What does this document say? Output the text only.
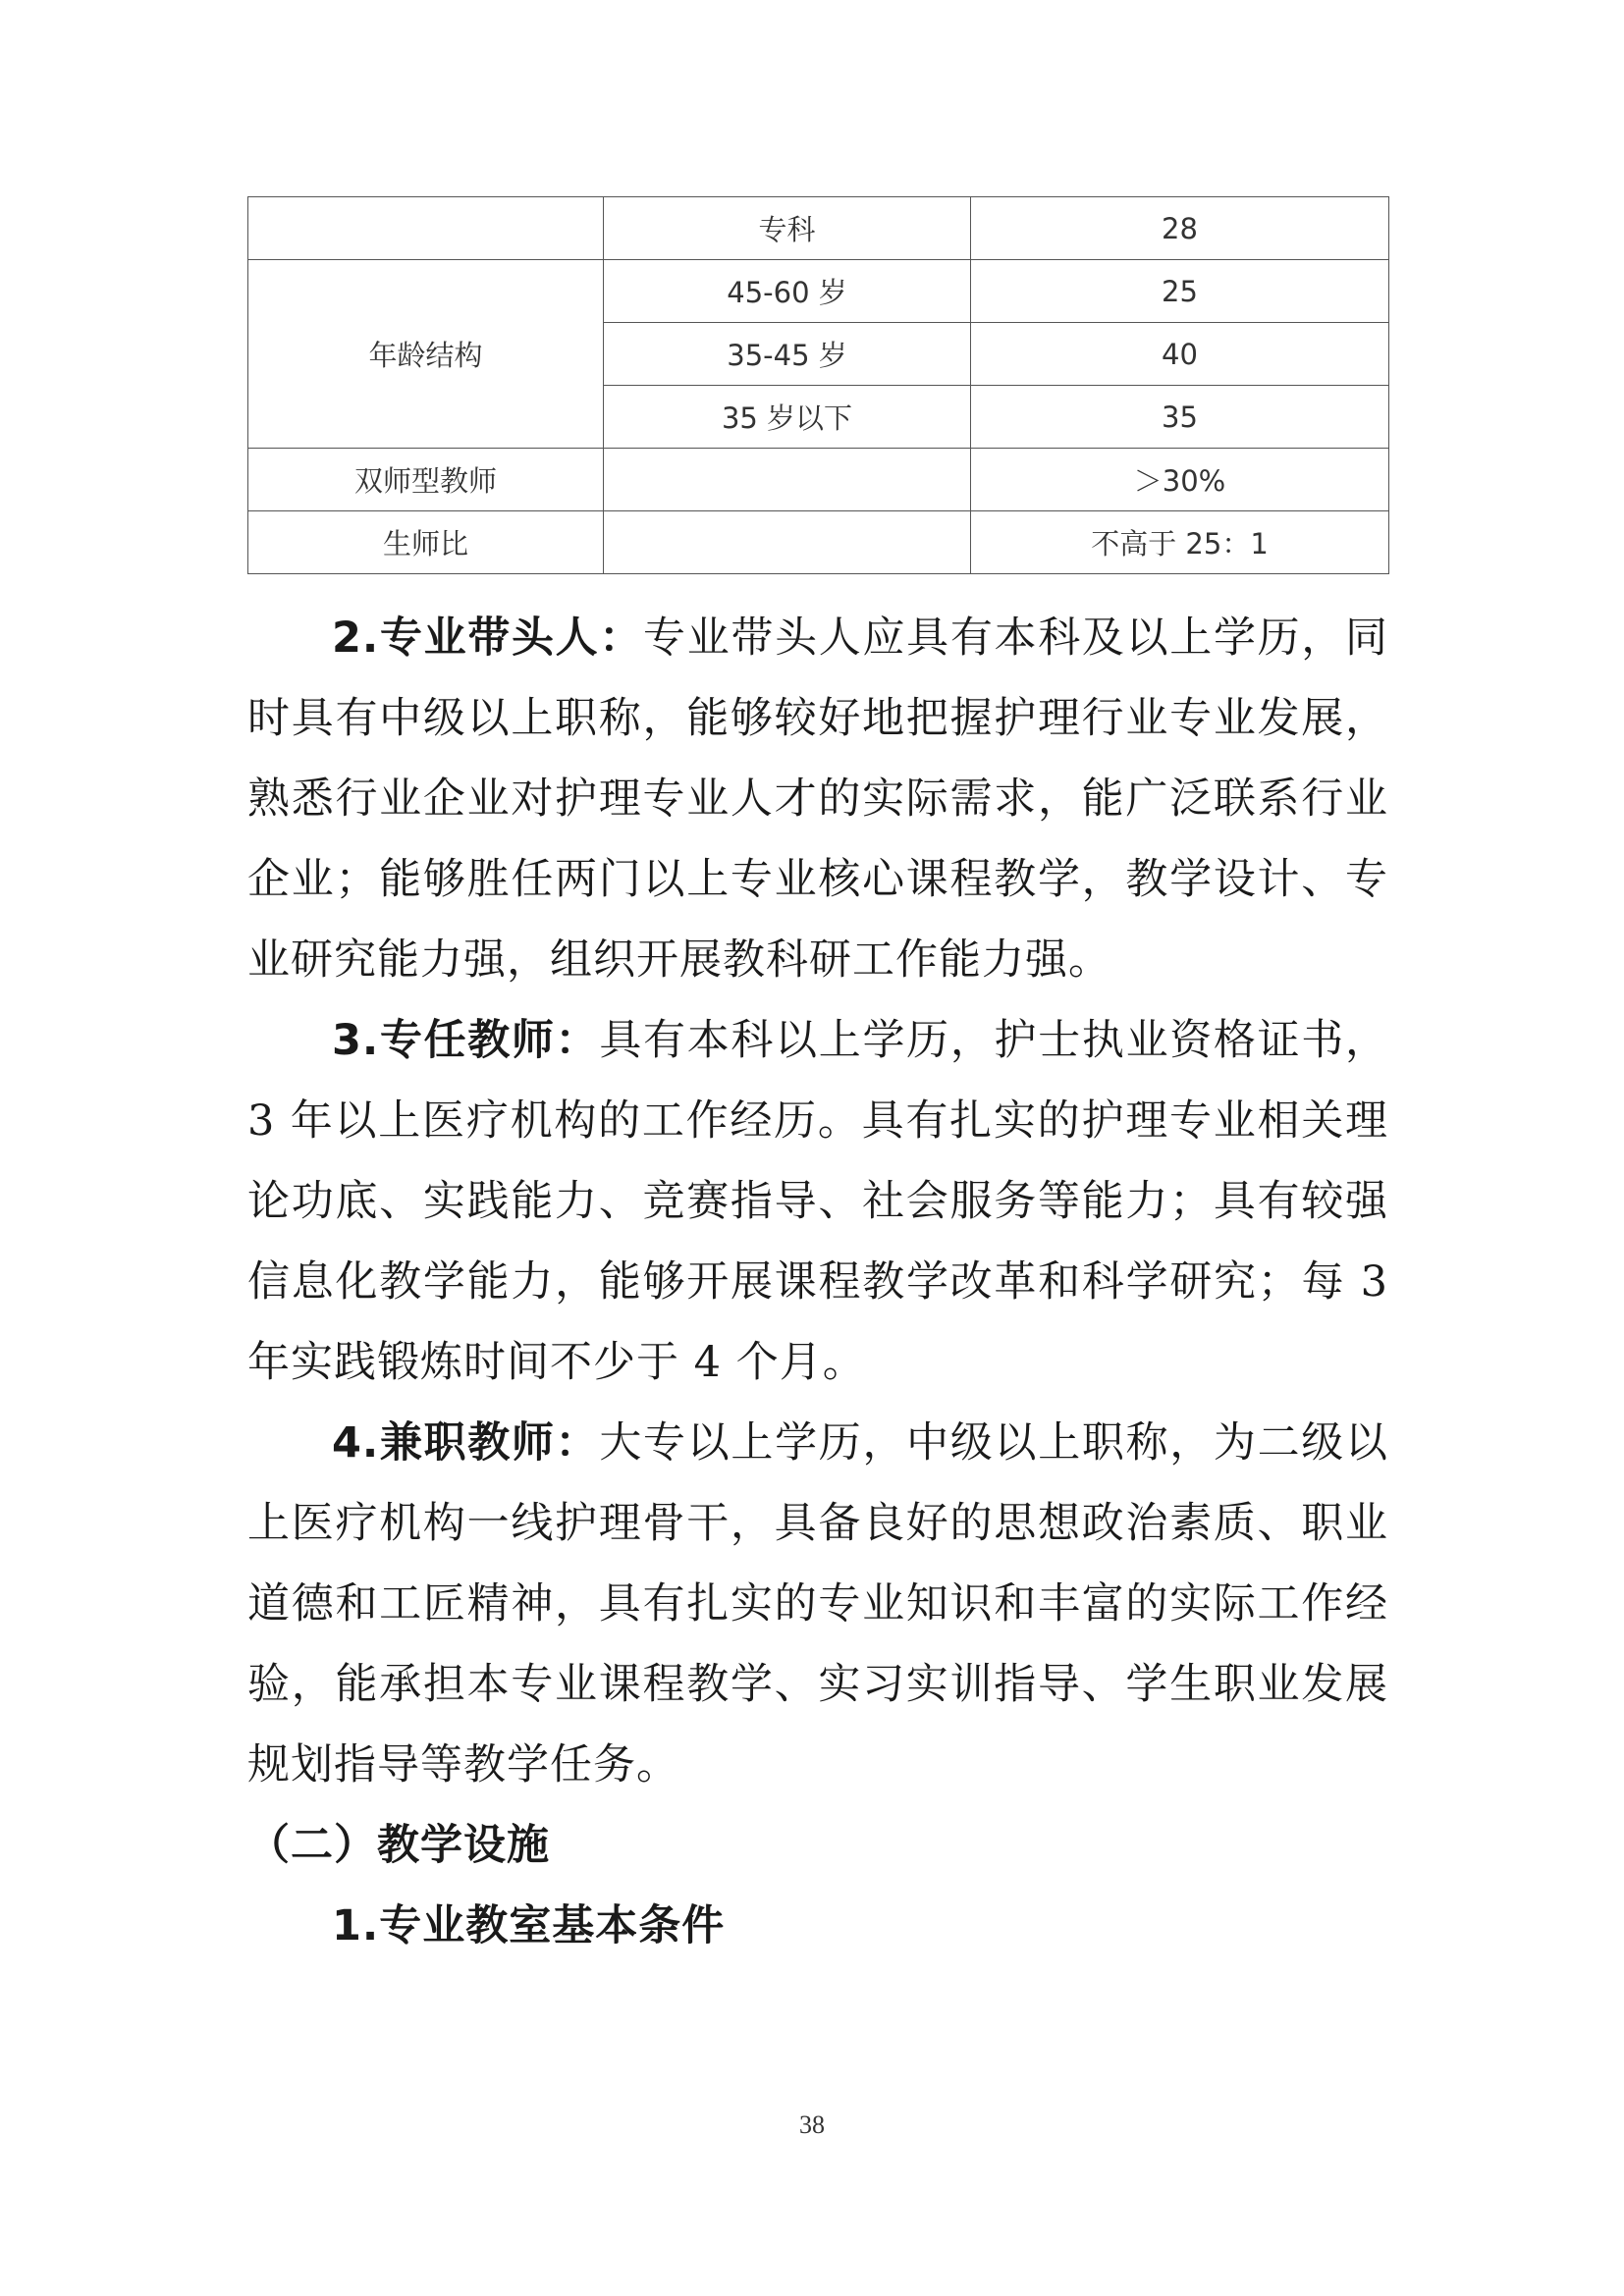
	专科	28
年龄结构	45-60 岁	25
	35-45 岁	40
	35 岁以下	35
双师型教师		＞30%
生师比		不高于 25：1

2.专业带头人：专业带头人应具有本科及以上学历，同时具有中级以上职称，能够较好地把握护理行业专业发展，熟悉行业企业对护理专业人才的实际需求，能广泛联系行业企业；能够胜任两门以上专业核心课程教学，教学设计、专业研究能力强，组织开展教科研工作能力强。

3.专任教师：具有本科以上学历，护士执业资格证书，3 年以上医疗机构的工作经历。具有扎实的护理专业相关理论功底、实践能力、竞赛指导、社会服务等能力；具有较强信息化教学能力，能够开展课程教学改革和科学研究；每 3 年实践锻炼时间不少于 4 个月。

4.兼职教师：大专以上学历，中级以上职称，为二级以上医疗机构一线护理骨干，具备良好的思想政治素质、职业道德和工匠精神，具有扎实的专业知识和丰富的实际工作经验，能承担本专业课程教学、实习实训指导、学生职业发展规划指导等教学任务。

（二）教学设施

1.专业教室基本条件

38
